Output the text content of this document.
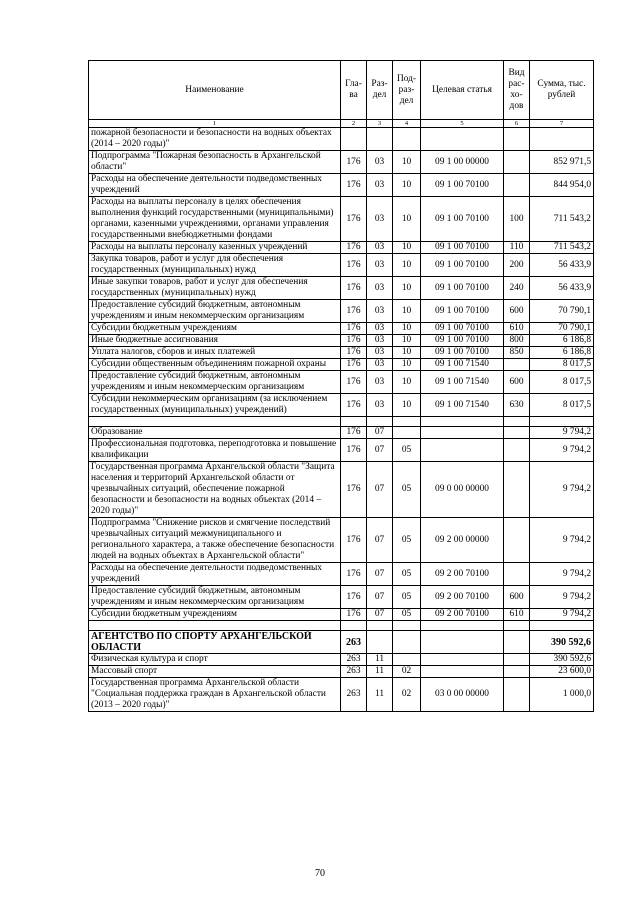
Наименование	Гла-ва	Раз-дел	Под-раз-дел	Целевая статья	Вид рас-хо-дов	Сумма, тыс. рублей
1	2	3	4	5	6	7
пожарной безопасности и безопасности на водных объектах (2014 – 2020 годы)"						
Подпрограмма "Пожарная безопасность в Архангельской области"	176	03	10	09 1 00 00000		852 971,5
Расходы на обеспечение деятельности подведомственных учреждений	176	03	10	09 1 00 70100		844 954,0
Расходы на выплаты персоналу в целях обеспечения выполнения функций государственными (муниципальными) органами, казенными учреждениями, органами управления государственными внебюджетными фондами	176	03	10	09 1 00 70100	100	711 543,2
Расходы на выплаты персоналу казенных учреждений	176	03	10	09 1 00 70100	110	711 543,2
Закупка товаров, работ и услуг для обеспечения государственных (муниципальных) нужд	176	03	10	09 1 00 70100	200	56 433,9
Иные закупки товаров, работ и услуг для обеспечения государственных (муниципальных) нужд	176	03	10	09 1 00 70100	240	56 433,9
Предоставление субсидий бюджетным, автономным учреждениям и иным некоммерческим организациям	176	03	10	09 1 00 70100	600	70 790,1
Субсидии бюджетным учреждениям	176	03	10	09 1 00 70100	610	70 790,1
Иные бюджетные ассигнования	176	03	10	09 1 00 70100	800	6 186,8
Уплата налогов, сборов и иных платежей	176	03	10	09 1 00 70100	850	6 186,8
Субсидии общественным объединениям пожарной охраны	176	03	10	09 1 00 71540		8 017,5
Предоставление субсидий бюджетным, автономным учреждениям и иным некоммерческим организациям	176	03	10	09 1 00 71540	600	8 017,5
Субсидии некоммерческим организациям (за исключением государственных (муниципальных) учреждений)	176	03	10	09 1 00 71540	630	8 017,5

Образование	176	07				9 794,2
Профессиональная подготовка, переподготовка и повышение квалификации	176	07	05			9 794,2
Государственная программа Архангельской области "Защита населения и территорий Архангельской области от чрезвычайных ситуаций, обеспечение пожарной безопасности и безопасности на водных объектах (2014 – 2020 годы)"	176	07	05	09 0 00 00000		9 794,2
Подпрограмма "Снижение рисков и смягчение последствий чрезвычайных ситуаций межмуниципального и регионального характера, а также обеспечение безопасности людей на водных объектах в Архангельской области"	176	07	05	09 2 00 00000		9 794,2
Расходы на обеспечение деятельности подведомственных учреждений	176	07	05	09 2 00 70100		9 794,2
Предоставление субсидий бюджетным, автономным учреждениям и иным некоммерческим организациям	176	07	05	09 2 00 70100	600	9 794,2
Субсидии бюджетным учреждениям	176	07	05	09 2 00 70100	610	9 794,2

АГЕНТСТВО ПО СПОРТУ АРХАНГЕЛЬСКОЙ ОБЛАСТИ	263					390 592,6
Физическая культура и спорт	263	11				390 592,6
Массовый спорт	263	11	02			23 600,0
Государственная программа Архангельской области "Социальная поддержка граждан в Архангельской области (2013 – 2020 годы)"	263	11	02	03 0 00 00000		1 000,0
70
